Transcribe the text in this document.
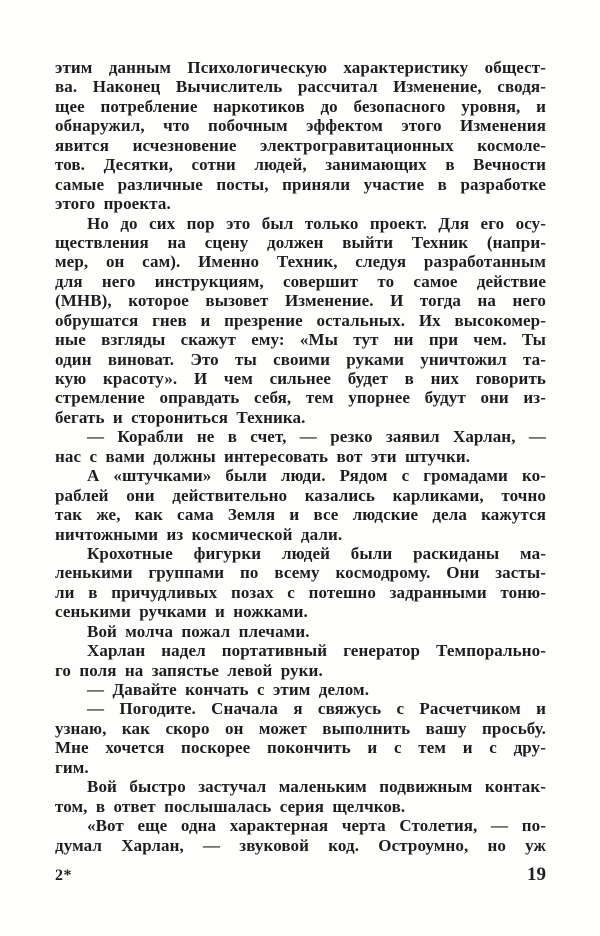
этим данным Психологическую характеристику общест-
ва. Наконец Вычислитель рассчитал Изменение, сводя-
щее потребление наркотиков до безопасного уровня, и
обнаружил, что побочным эффектом этого Изменения
явится исчезновение электрогравитационных космоле-
тов. Десятки, сотни людей, занимающих в Вечности
самые различные посты, приняли участие в разработке
этого проекта.
Но до сих пор это был только проект. Для его осу-
ществления на сцену должен выйти Техник (напри-
мер, он сам). Именно Техник, следуя разработанным
для него инструкциям, совершит то самое действие
(МНВ), которое вызовет Изменение. И тогда на него
обрушатся гнев и презрение остальных. Их высокомер-
ные взгляды скажут ему: «Мы тут ни при чем. Ты
один виноват. Это ты своими руками уничтожил та-
кую красоту». И чем сильнее будет в них говорить
стремление оправдать себя, тем упорнее будут они из-
бегать и сторониться Техника.
— Корабли не в счет, — резко заявил Харлан, —
нас с вами должны интересовать вот эти штучки.
А «штучками» были люди. Рядом с громадами ко-
раблей они действительно казались карликами, точно
так же, как сама Земля и все людские дела кажутся
ничтожными из космической дали.
Крохотные фигурки людей были раскиданы ма-
ленькими группами по всему космодрому. Они засты-
ли в причудливых позах с потешно задранными тоню-
сенькими ручками и ножками.
Вой молча пожал плечами.
Харлан надел портативный генератор Темпорально-
го поля на запястье левой руки.
— Давайте кончать с этим делом.
— Погодите. Сначала я свяжусь с Расчетчиком и
узнаю, как скоро он может выполнить вашу просьбу.
Мне хочется поскорее покончить и с тем и с дру-
гим.
Вой быстро застучал маленьким подвижным контак-
том, в ответ послышалась серия щелчков.
«Вот еще одна характерная черта Столетия, — по-
думал Харлан, — звуковой код. Остроумно, но уж
2*	19
